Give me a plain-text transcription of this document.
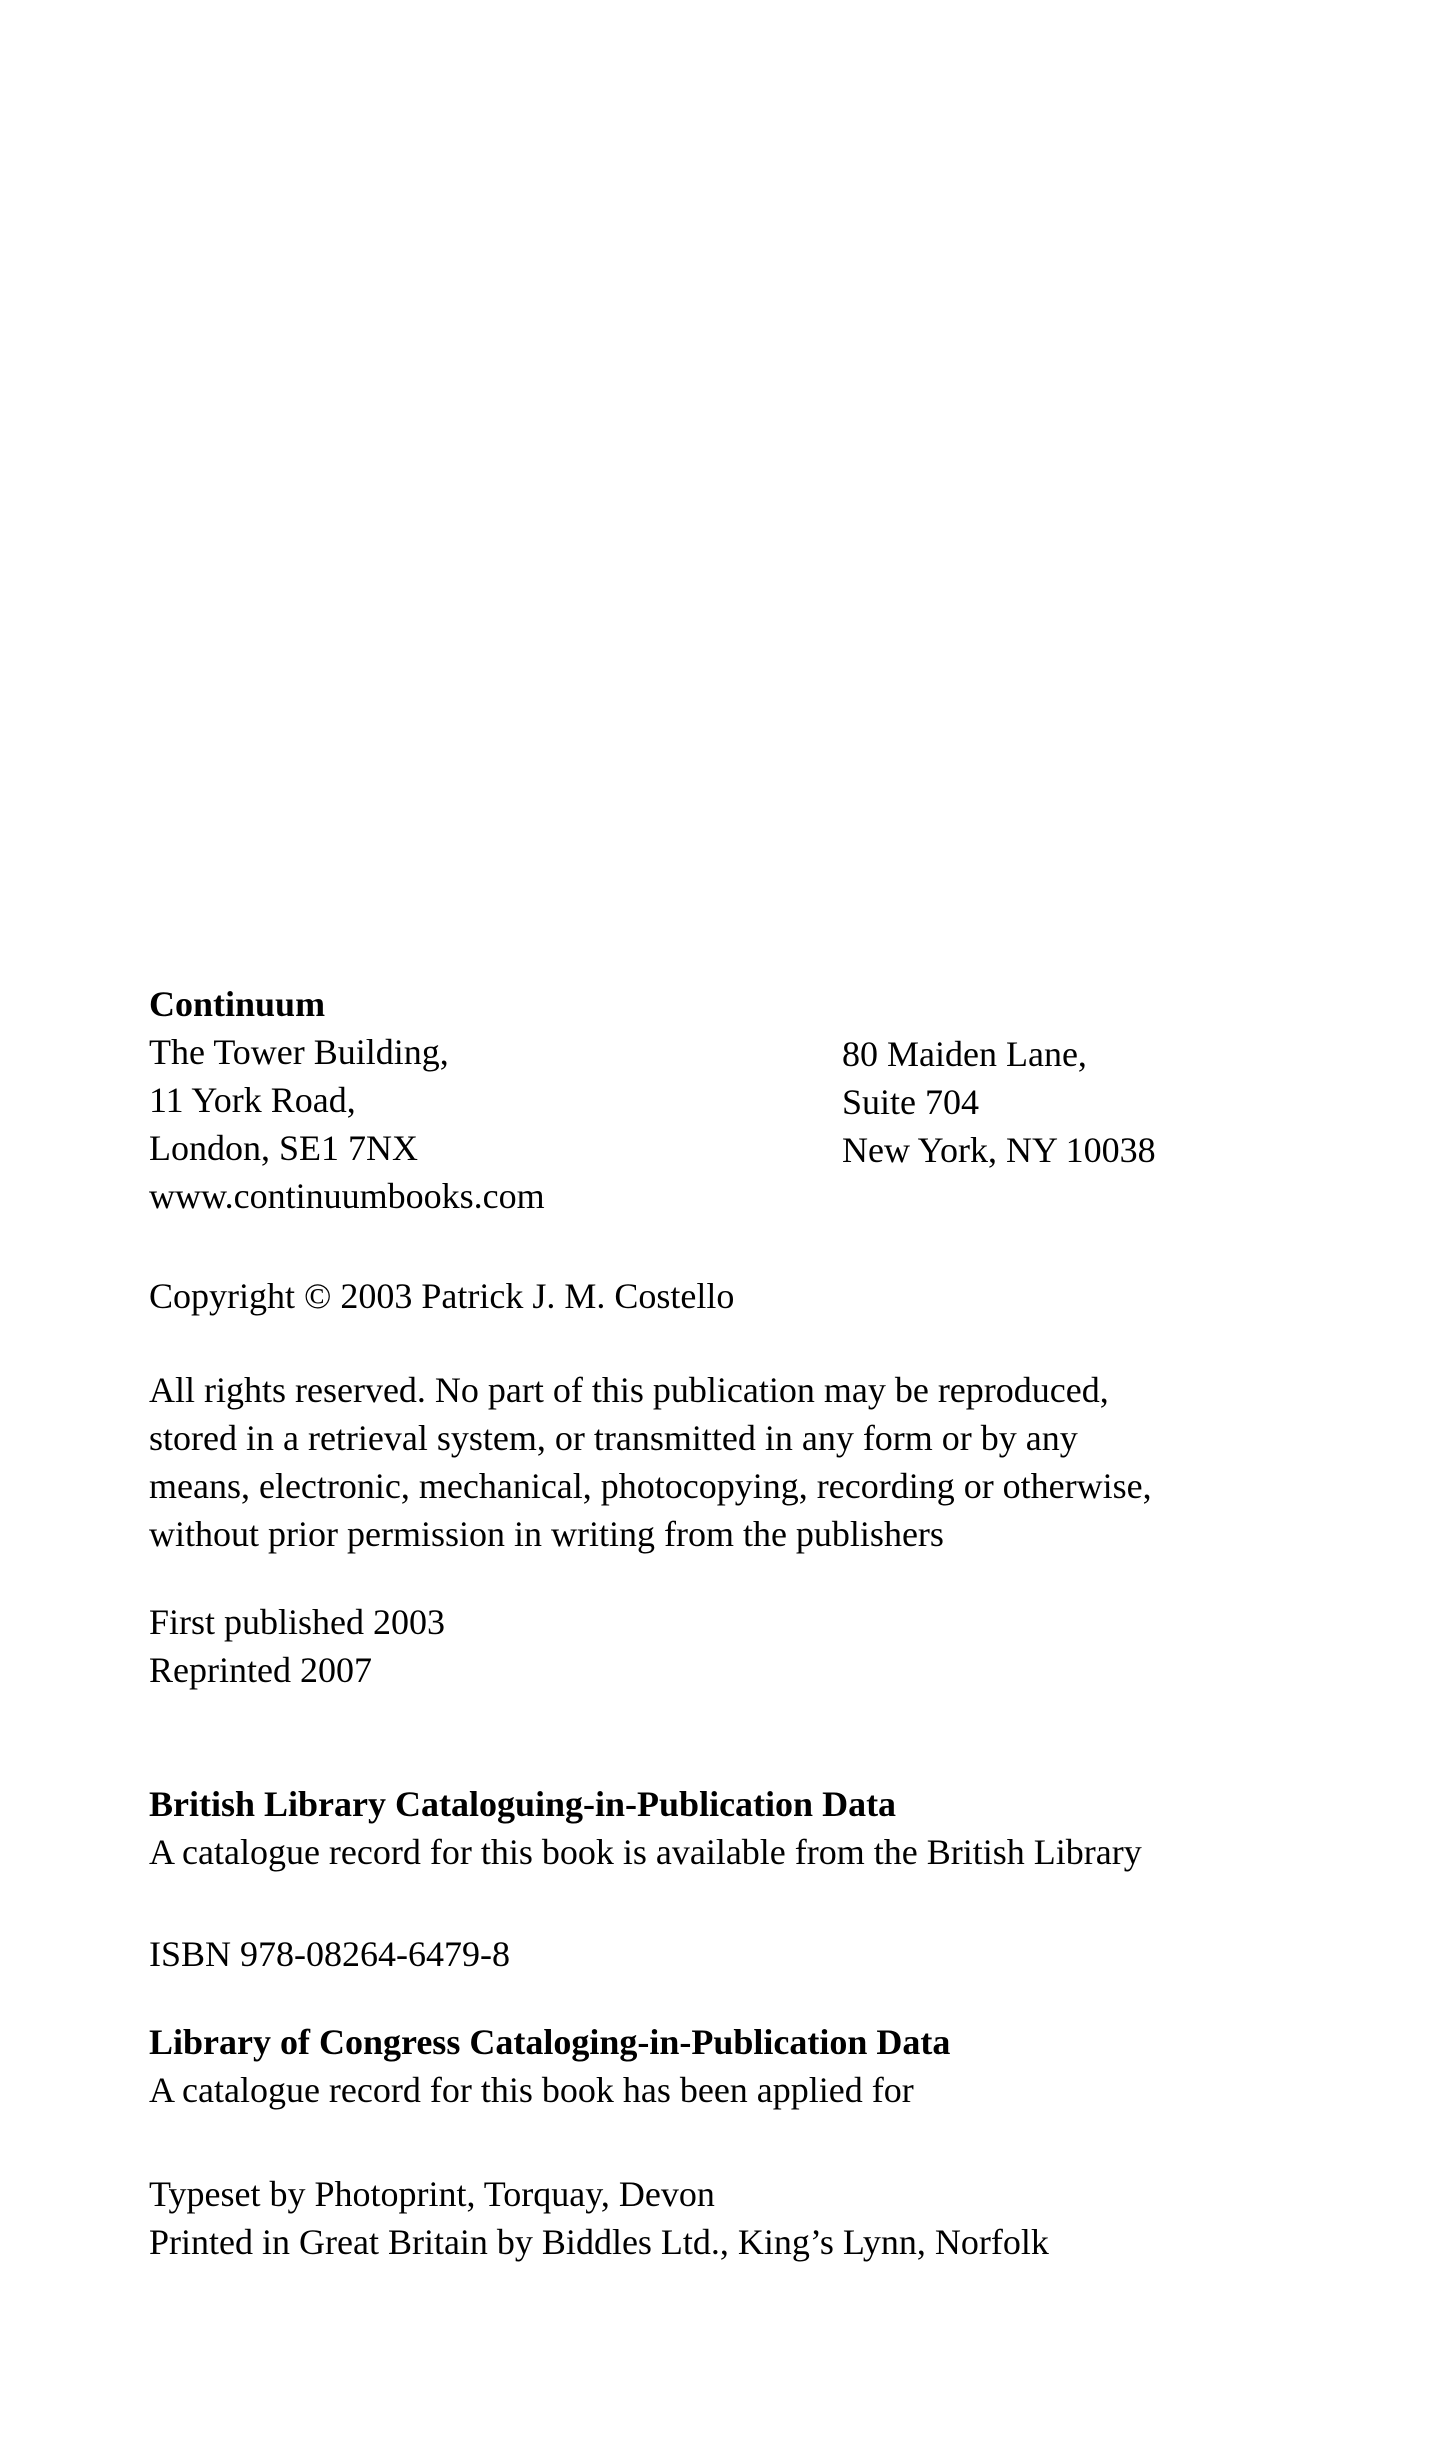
Continuum
The Tower Building,
11 York Road,
London, SE1 7NX
www.continuumbooks.com
80 Maiden Lane,
Suite 704
New York, NY 10038
Copyright © 2003 Patrick J. M. Costello
All rights reserved. No part of this publication may be reproduced,
stored in a retrieval system, or transmitted in any form or by any
means, electronic, mechanical, photocopying, recording or otherwise,
without prior permission in writing from the publishers
First published 2003
Reprinted 2007
British Library Cataloguing-in-Publication Data
A catalogue record for this book is available from the British Library
ISBN 978-08264-6479-8
Library of Congress Cataloging-in-Publication Data
A catalogue record for this book has been applied for
Typeset by Photoprint, Torquay, Devon
Printed in Great Britain by Biddles Ltd., King’s Lynn, Norfolk
